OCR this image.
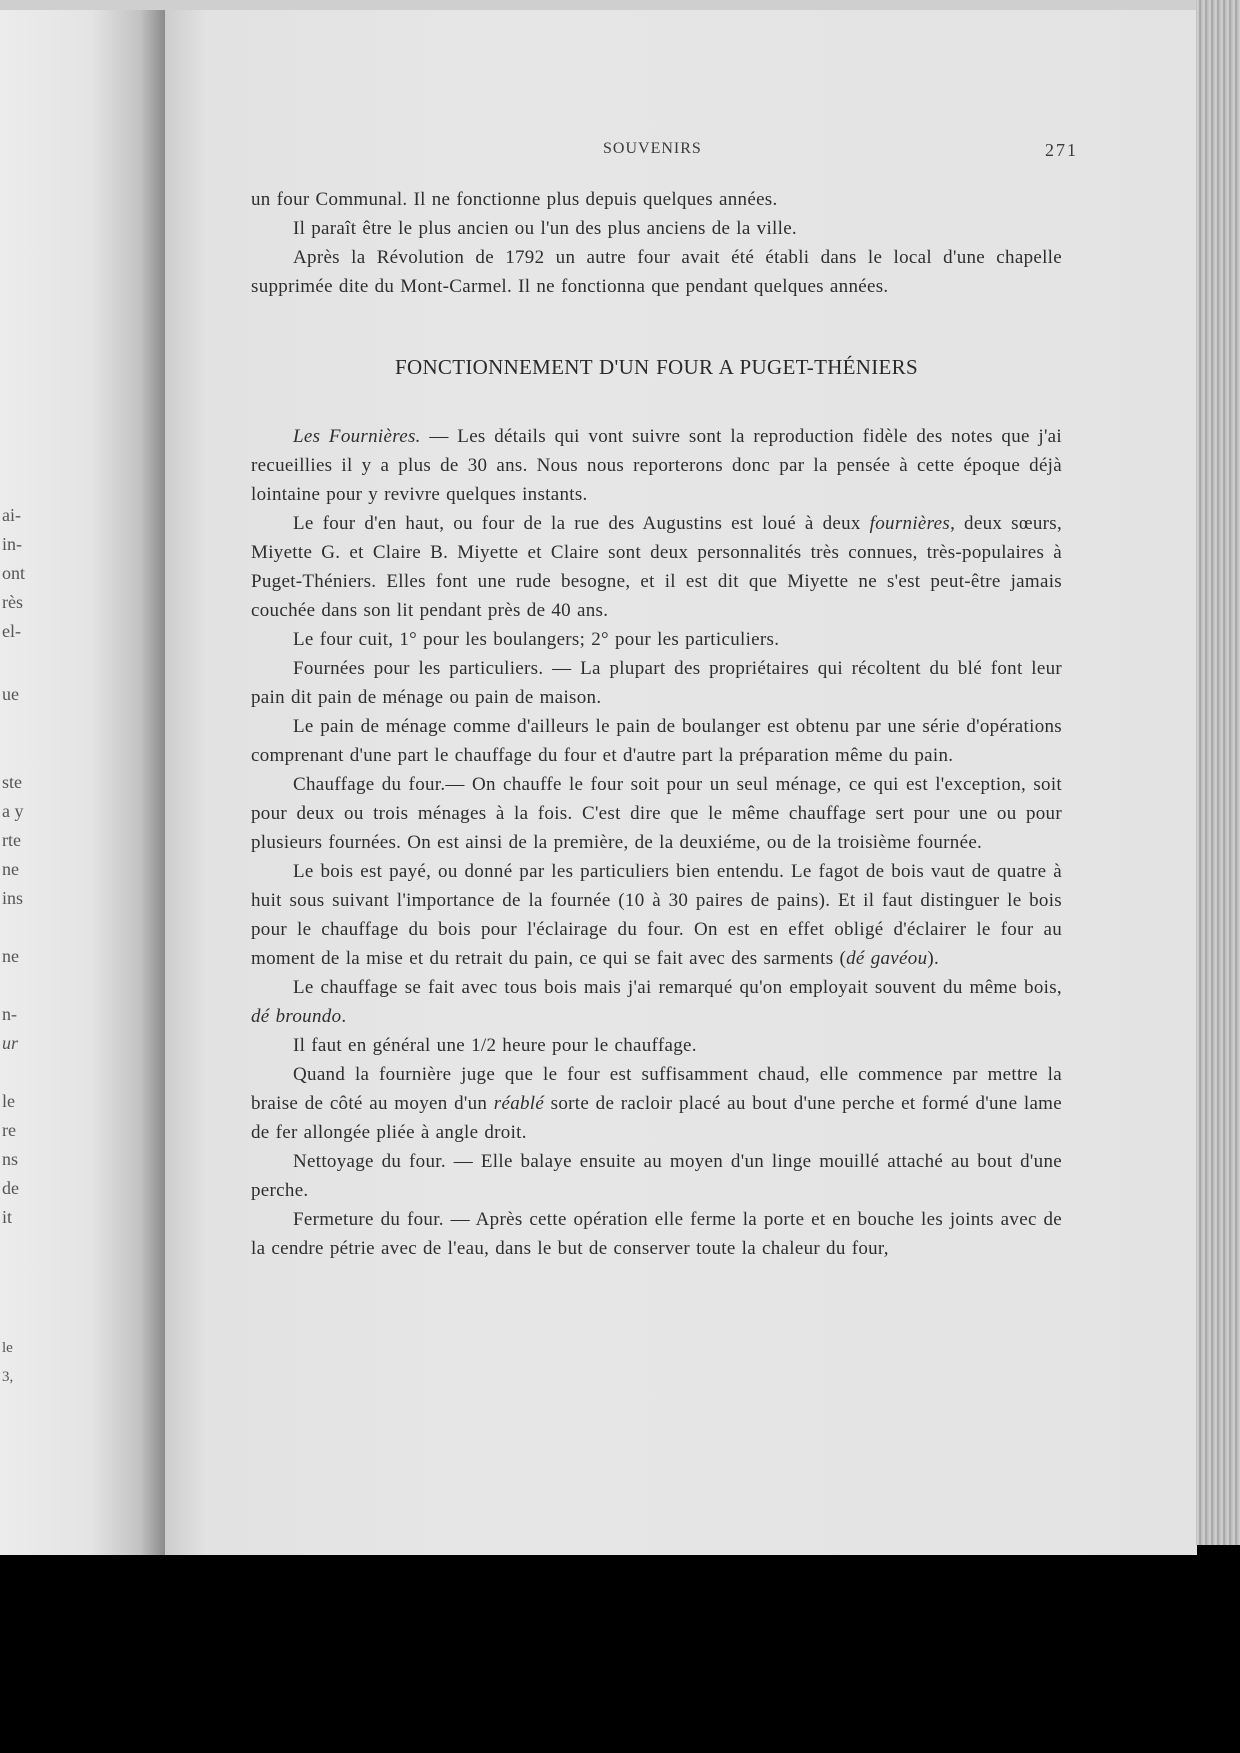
ai-
in-
ont
rès
el-
ue
ste
a y
rte
ne
ins
ne
n-
ur
le
re
ns
de
it
le
3,
SOUVENIRS	271

un four Communal. Il ne fonctionne plus depuis quelques années.

Il paraît être le plus ancien ou l'un des plus anciens de la ville.

Après la Révolution de 1792 un autre four avait été établi dans le local d'une chapelle supprimée dite du Mont-Carmel. Il ne fonctionna que pendant quelques années.

FONCTIONNEMENT D'UN FOUR A PUGET-THÉNIERS

Les Fournières. — Les détails qui vont suivre sont la reproduction fidèle des notes que j'ai recueillies il y a plus de 30 ans. Nous nous reporterons donc par la pensée à cette époque déjà lointaine pour y revivre quelques instants.

Le four d'en haut, ou four de la rue des Augustins est loué à deux fournières, deux sœurs, Miyette G. et Claire B. Miyette et Claire sont deux personnalités très connues, très-populaires à Puget-Théniers. Elles font une rude besogne, et il est dit que Miyette ne s'est peut-être jamais couchée dans son lit pendant près de 40 ans.

Le four cuit, 1° pour les boulangers; 2° pour les particuliers.

Fournées pour les particuliers. — La plupart des propriétaires qui récoltent du blé font leur pain dit pain de ménage ou pain de maison.

Le pain de ménage comme d'ailleurs le pain de boulanger est obtenu par une série d'opérations comprenant d'une part le chauffage du four et d'autre part la préparation même du pain.

Chauffage du four.— On chauffe le four soit pour un seul ménage, ce qui est l'exception, soit pour deux ou trois ménages à la fois. C'est dire que le même chauffage sert pour une ou pour plusieurs fournées. On est ainsi de la première, de la deuxiéme, ou de la troisième fournée.

Le bois est payé, ou donné par les particuliers bien entendu. Le fagot de bois vaut de quatre à huit sous suivant l'importance de la fournée (10 à 30 paires de pains). Et il faut distinguer le bois pour le chauffage du bois pour l'éclairage du four. On est en effet obligé d'éclairer le four au moment de la mise et du retrait du pain, ce qui se fait avec des sarments (dé gavéou).

Le chauffage se fait avec tous bois mais j'ai remarqué qu'on employait souvent du même bois, dé broundo.

Il faut en général une 1/2 heure pour le chauffage.

Quand la fournière juge que le four est suffisamment chaud, elle commence par mettre la braise de côté au moyen d'un réablé sorte de racloir placé au bout d'une perche et formé d'une lame de fer allongée pliée à angle droit.

Nettoyage du four. — Elle balaye ensuite au moyen d'un linge mouillé attaché au bout d'une perche.

Fermeture du four. — Après cette opération elle ferme la porte et en bouche les joints avec de la cendre pétrie avec de l'eau, dans le but de conserver toute la chaleur du four,
